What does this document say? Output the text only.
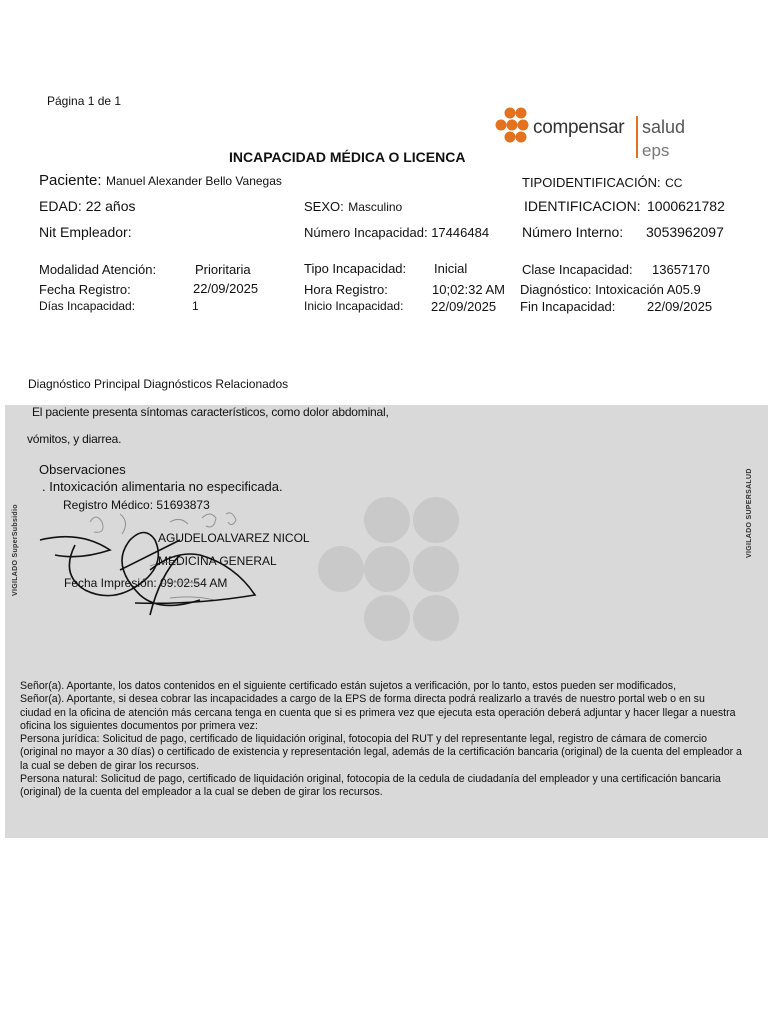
Página 1 de 1
compensar salud
eps
INCAPACIDAD MÉDICA O LICENCA
Paciente: Manuel Alexander Bello Vanegas	TIPOIDENTIFICACIÓN: CC
EDAD: 22 años	SEXO: Masculino	IDENTIFICACION: 1000621782
Nit Empleador:	Número Incapacidad: 17446484 Número Interno: 3053962097
Modalidad Atención:	Prioritaria	Tipo Incapacidad: Inicial	Clase Incapacidad: 13657170
Fecha Registro:	22/09/2025	Hora Registro:	10;02:32 AM Diagnóstico: Intoxicación A05.9
Días Incapacidad:	1	Inicio Incapacidad: 22/09/2025 Fin Incapacidad: 22/09/2025
Diagnóstico Principal Diagnósticos Relacionados
El paciente presenta síntomas característicos, como dolor abdominal,
vómitos, y diarrea.
Observaciones
. Intoxicación alimentaria no especificada.
Registro Médico: 51693873
AGUDELOALVAREZ NICOL
MEDICINA GENERAL
Fecha Impresión: 09:02:54 AM
VIGILADO SuperSubsidio	VIGILADO SUPERSALUD

Señor(a). Aportante, los datos contenidos en el siguiente certificado están sujetos a verificación, por lo tanto, estos pueden ser modificados,

Señor(a). Aportante, si desea cobrar las incapacidades a cargo de la EPS de forma directa podrá realizarlo a través de nuestro portal web o en su

ciudad en la oficina de atención más cercana tenga en cuenta que si es primera vez que ejecuta esta operación deberá adjuntar y hacer llegar a nuestra oficina los siguientes documentos por primera vez:

Persona jurídica: Solicitud de pago, certificado de liquidación original, fotocopia del RUT y del representante legal, registro de cámara de comercio

(original no mayor a 30 días) o certificado de existencia y representación legal, además de la certificación bancaria (original) de la cuenta del empleador a la cual se deben de girar los recursos.

Persona natural: Solicitud de pago, certificado de liquidación original, fotocopia de la cedula de ciudadanía del empleador y una certificación bancaria (original) de la cuenta del empleador a la cual se deben de girar los recursos.
